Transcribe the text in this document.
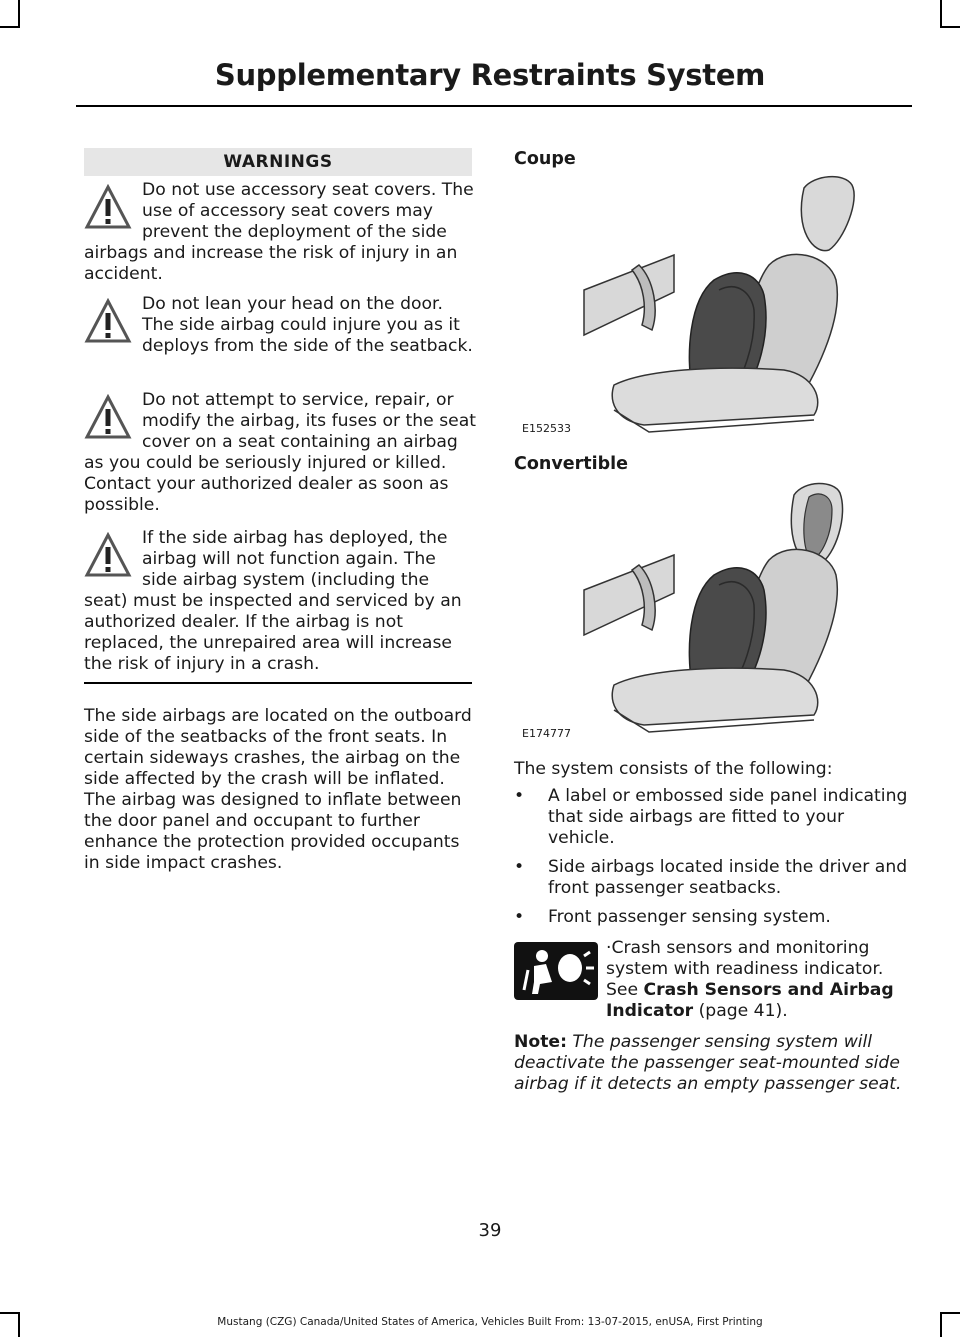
Supplementary Restraints System
WARNINGS
Do not use accessory seat covers. The use of accessory seat covers may prevent the deployment of the side airbags and increase the risk of injury in an accident.
Do not lean your head on the door. The side airbag could injure you as it deploys from the side of the seatback.
Do not attempt to service, repair, or modify the airbag, its fuses or the seat cover on a seat containing an airbag as you could be seriously injured or killed. Contact your authorized dealer as soon as possible.
If the side airbag has deployed, the airbag will not function again. The side airbag system (including the seat) must be inspected and serviced by an authorized dealer. If the airbag is not replaced, the unrepaired area will increase the risk of injury in a crash.
The side airbags are located on the outboard side of the seatbacks of the front seats. In certain sideways crashes, the airbag on the side affected by the crash will be inflated. The airbag was designed to inflate between the door panel and occupant to further enhance the protection provided occupants in side impact crashes.
Coupe
E152533
Convertible
E174777
The system consists of the following:
• A label or embossed side panel indicating that side airbags are fitted to your vehicle.
• Side airbags located inside the driver and front passenger seatbacks.
• Front passenger sensing system.
·Crash sensors and monitoring system with readiness indicator. See Crash Sensors and Airbag Indicator (page 41).
Note: The passenger sensing system will deactivate the passenger seat-mounted side airbag if it detects an empty passenger seat.
39
Mustang (CZG) Canada/United States of America, Vehicles Built From: 13-07-2015, enUSA, First Printing
